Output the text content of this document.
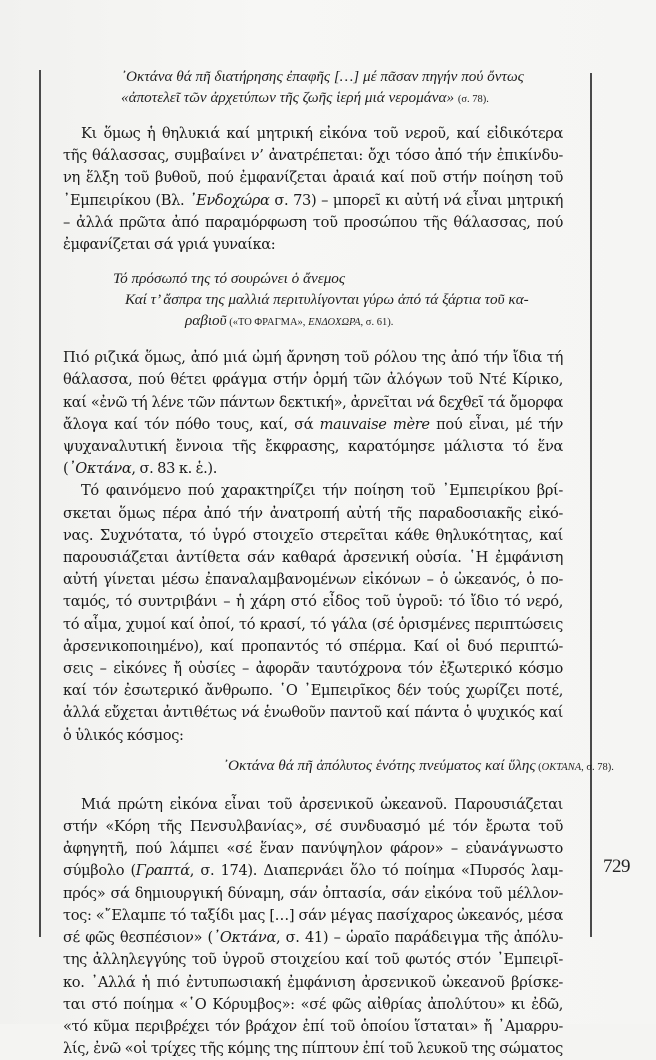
729
᾿Οκτάνα θά πῆ διατήρησης ἐπαφῆς […] μέ πᾶσαν πηγήν πού ὄντως
«ἀποτελεῖ τῶν ἀρχετύπων τῆς ζωῆς ἱερή μιά νερομάνα» (σ. 78).
Κι ὅμως ἡ θηλυκιά καί μητρική εἰκόνα τοῦ νεροῦ, καί εἰδικότερα
τῆς θάλασσας, συμβαίνει ν’ ἀνατρέπεται: ὄχι τόσο ἀπό τήν ἐπικίνδυ-
νη ἕλξη τοῦ βυθοῦ, πού ἐμφανίζεται ἀραιά καί ποῦ στήν ποίηση τοῦ
᾿Εμπειρίκου (Βλ. ᾿Ενδοχώρα σ. 73) – μπορεῖ κι αὐτή νά εἶναι μητρική
– ἀλλά πρῶτα ἀπό παραμόρφωση τοῦ προσώπου τῆς θάλασσας, πού
ἐμφανίζεται σά γριά γυναίκα:
Τό πρόσωπό της τό σουρώνει ὁ ἄνεμος
Καί τ’ ἄσπρα της μαλλιά περιτυλίγονται γύρω ἀπό τά ξάρτια τοῦ κα-
ραβιοῦ («ΤΟ ΦΡΑΓΜΑ», ΕΝΔΟΧΩΡΑ, σ. 61).
Πιό ριζικά ὅμως, ἀπό μιά ὠμή ἄρνηση τοῦ ρόλου της ἀπό τήν ἴδια τή
θάλασσα, πού θέτει φράγμα στήν ὁρμή τῶν ἀλόγων τοῦ Ντέ Κίρικο,
καί «ἐνῶ τή λένε τῶν πάντων δεκτική», ἀρνεῖται νά δεχθεῖ τά ὄμορφα
ἄλογα καί τόν πόθο τους, καί, σά mauvaise mère πού εἶναι, μέ τήν
ψυχαναλυτική ἔννοια τῆς ἔκφρασης, καρατόμησε μάλιστα τό ἕνα
(᾿Οκτάνα, σ. 83 κ. ἑ.).
Τό φαινόμενο πού χαρακτηρίζει τήν ποίηση τοῦ ᾿Εμπειρίκου βρί-
σκεται ὅμως πέρα ἀπό τήν ἀνατροπή αὐτή τῆς παραδοσιακῆς εἰκό-
νας. Συχνότατα, τό ὑγρό στοιχεῖο στερεῖται κάθε θηλυκότητας, καί
παρουσιάζεται ἀντίθετα σάν καθαρά ἀρσενική οὐσία. ῾Η ἐμφάνιση
αὐτή γίνεται μέσω ἐπαναλαμβανομένων εἰκόνων – ὁ ὠκεανός, ὁ πο-
ταμός, τό συντριβάνι – ἡ χάρη στό εἶδος τοῦ ὑγροῦ: τό ἴδιο τό νερό,
τό αἷμα, χυμοί καί ὀποί, τό κρασί, τό γάλα (σέ ὁρισμένες περιπτώσεις
ἀρσενικοποιημένο), καί προπαντός τό σπέρμα. Καί οἱ δυό περιπτώ-
σεις – εἰκόνες ἤ οὐσίες – ἀφορᾶν ταυτόχρονα τόν ἐξωτερικό κόσμο
καί τόν ἐσωτερικό ἄνθρωπο. ῾Ο ᾿Εμπειρῖκος δέν τούς χωρίζει ποτέ,
ἀλλά εὔχεται ἀντιθέτως νά ἑνωθοῦν παντοῦ καί πάντα ὁ ψυχικός καί
ὁ ὑλικός κόσμος:
᾿Οκτάνα θά πῆ ἀπόλυτος ἑνότης πνεύματος καί ὕλης (ΟΚΤΑΝΑ, σ. 78).
Μιά πρώτη εἰκόνα εἶναι τοῦ ἀρσενικοῦ ὠκεανοῦ. Παρουσιάζεται
στήν «Κόρη τῆς Πενσυλβανίας», σέ συνδυασμό μέ τόν ἔρωτα τοῦ
ἀφηγητῆ, πού λάμπει «σέ ἕναν πανύψηλον φάρον» – εὐανάγνωστο
σύμβολο (Γραπτά, σ. 174). Διαπερνάει ὅλο τό ποίημα «Πυρσός λαμ-
πρός» σά δημιουργική δύναμη, σάν ὀπτασία, σάν εἰκόνα τοῦ μέλλον-
τος: «῎Ελαμπε τό ταξίδι μας […] σάν μέγας πασίχαρος ὠκεανός, μέσα
σέ φῶς θεσπέσιον» (᾿Οκτάνα, σ. 41) – ὡραῖο παράδειγμα τῆς ἀπόλυ-
της ἀλληλεγγύης τοῦ ὑγροῦ στοιχείου καί τοῦ φωτός στόν ᾿Εμπειρῖ-
κο. ᾿Αλλά ἡ πιό ἐντυπωσιακή ἐμφάνιση ἀρσενικοῦ ὠκεανοῦ βρίσκε-
ται στό ποίημα «῾Ο Κόρυμβος»: «σέ φῶς αἰθρίας ἀπολύτου» κι ἐδῶ,
«τό κῦμα περιβρέχει τόν βράχον ἐπί τοῦ ὁποίου ἵσταται» ἤ ᾿Αμαρρυ-
λίς, ἐνῶ «οἱ τρίχες τῆς κόμης της πίπτουν ἐπί τοῦ λευκοῦ της σώματος
